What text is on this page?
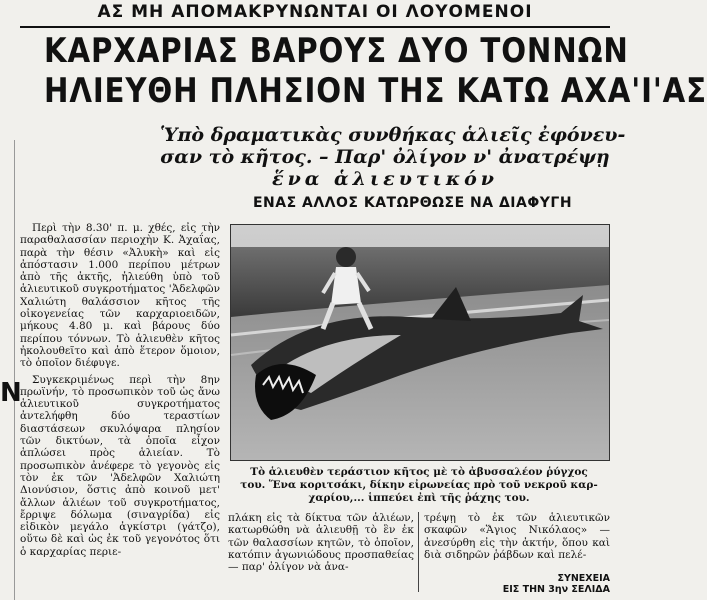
ΑΣ ΜΗ ΑΠΟΜΑΚΡΥΝΩΝΤΑΙ ΟΙ ΛΟΥΟΜΕΝΟΙ
ΚΑΡΧΑΡΙΑΣ ΒΑΡΟΥΣ ΔΥΟ ΤΟΝΝΩΝ
ΗΛΙΕΥΘΗ ΠΛΗΣΙΟΝ ΤΗΣ ΚΑΤΩ ΑΧΑ'Ι'ΑΣ
Ὑπὸ δραματικὰς συνθήκας ἁλιεῖς ἐφόνευ-
σαν τὸ κῆτος. – Παρ' ὀλίγον ν' ἀνατρέψῃ
ἕνα ἁλιευτικόν
ΕΝΑΣ ΑΛΛΟΣ ΚΑΤΩΡΘΩΣΕ ΝΑ ΔΙΑΦΥΓΗ
N

Περὶ τὴν 8.30' π. μ. χθές, εἰς τὴν παραθαλασσίαν περιοχὴν Κ. Ἀχαΐας, παρὰ τὴν θέσιν «Ἀλυκὴ» καὶ εἰς ἀπόστασιν 1.000 περίπου μέτρων ἀπὸ τῆς ἀκτῆς, ἡλιεύθη ὑπὸ τοῦ ἁλιευτικοῦ συγκροτήματος 'Ἀδελφῶν Χαλιώτη θαλάσσιον κῆτος τῆς οἰκογενείας τῶν καρχαριοειδῶν, μήκους 4.80 μ. καὶ βάρους δύο περίπου τόννων. Τὸ ἁλιευθὲν κῆτος ἠκολουθεῖτο καὶ ἀπὸ ἕτερον ὅμοιον, τὸ ὁποῖον διέφυγε.

Συγκεκριμένως περὶ τὴν 8ην πρωϊνήν, τὸ προσωπικὸν τοῦ ὡς ἄνω ἁλιευτικοῦ συγκροτήματος ἀντελήφθη δύο τεραστίων διαστάσεων σκυλόψαρα πλησίον τῶν δικτύων, τὰ ὁποῖα εἶχον ἁπλώσει πρὸς ἁλιείαν. Τὸ προσωπικὸν ἀνέφερε τὸ γεγονὸς εἰς τὸν ἐκ τῶν 'Ἀδελφῶν Χαλιώτη Διονύσιον, ὅστις ἀπὸ κοινοῦ μετ' ἄλλων ἁλιέων τοῦ συγκροτήματος, ἔρριψε δόλωμα (σιναγρίδα) εἰς εἰδικὸν μεγάλο ἀγκίστρι (γάτζο), οὕτω δὲ καὶ ὡς ἐκ τοῦ γεγονότος ὅτι ὁ καρχαρίας περιε-

Τὸ ἁλιευθὲν τεράστιον κῆτος μὲ τὸ ἀβυσσαλέον ῥύγχος
του. Ἕνα κοριτσάκι, δίκην εἰρωνείας πρὸ τοῦ νεκροῦ καρ-
χαρίου,... ἱππεύει ἐπὶ τῆς ῥάχης του.

πλάκη εἰς τὰ δίκτυα τῶν ἁλιέων, κατωρθώθη νὰ ἁλιευθῇ τὸ ἓν ἐκ τῶν θαλασσίων κητῶν, τὸ ὁποῖον, κατόπιν ἀγωνιώδους προσπαθείας — παρ' ὀλίγον νὰ ἀνα-

τρέψῃ τὸ ἐκ τῶν ἁλιευτικῶν σκαφῶν «Ἅγιος Νικόλαος» — ἀνεσύρθη εἰς τὴν ἀκτήν, ὅπου καὶ διὰ σιδηρῶν ῥάβδων καὶ πελέ-

ΣΥΝΕΧΕΙΑ
ΕΙΣ ΤΗΝ 3ην ΣΕΛΙΔΑ
